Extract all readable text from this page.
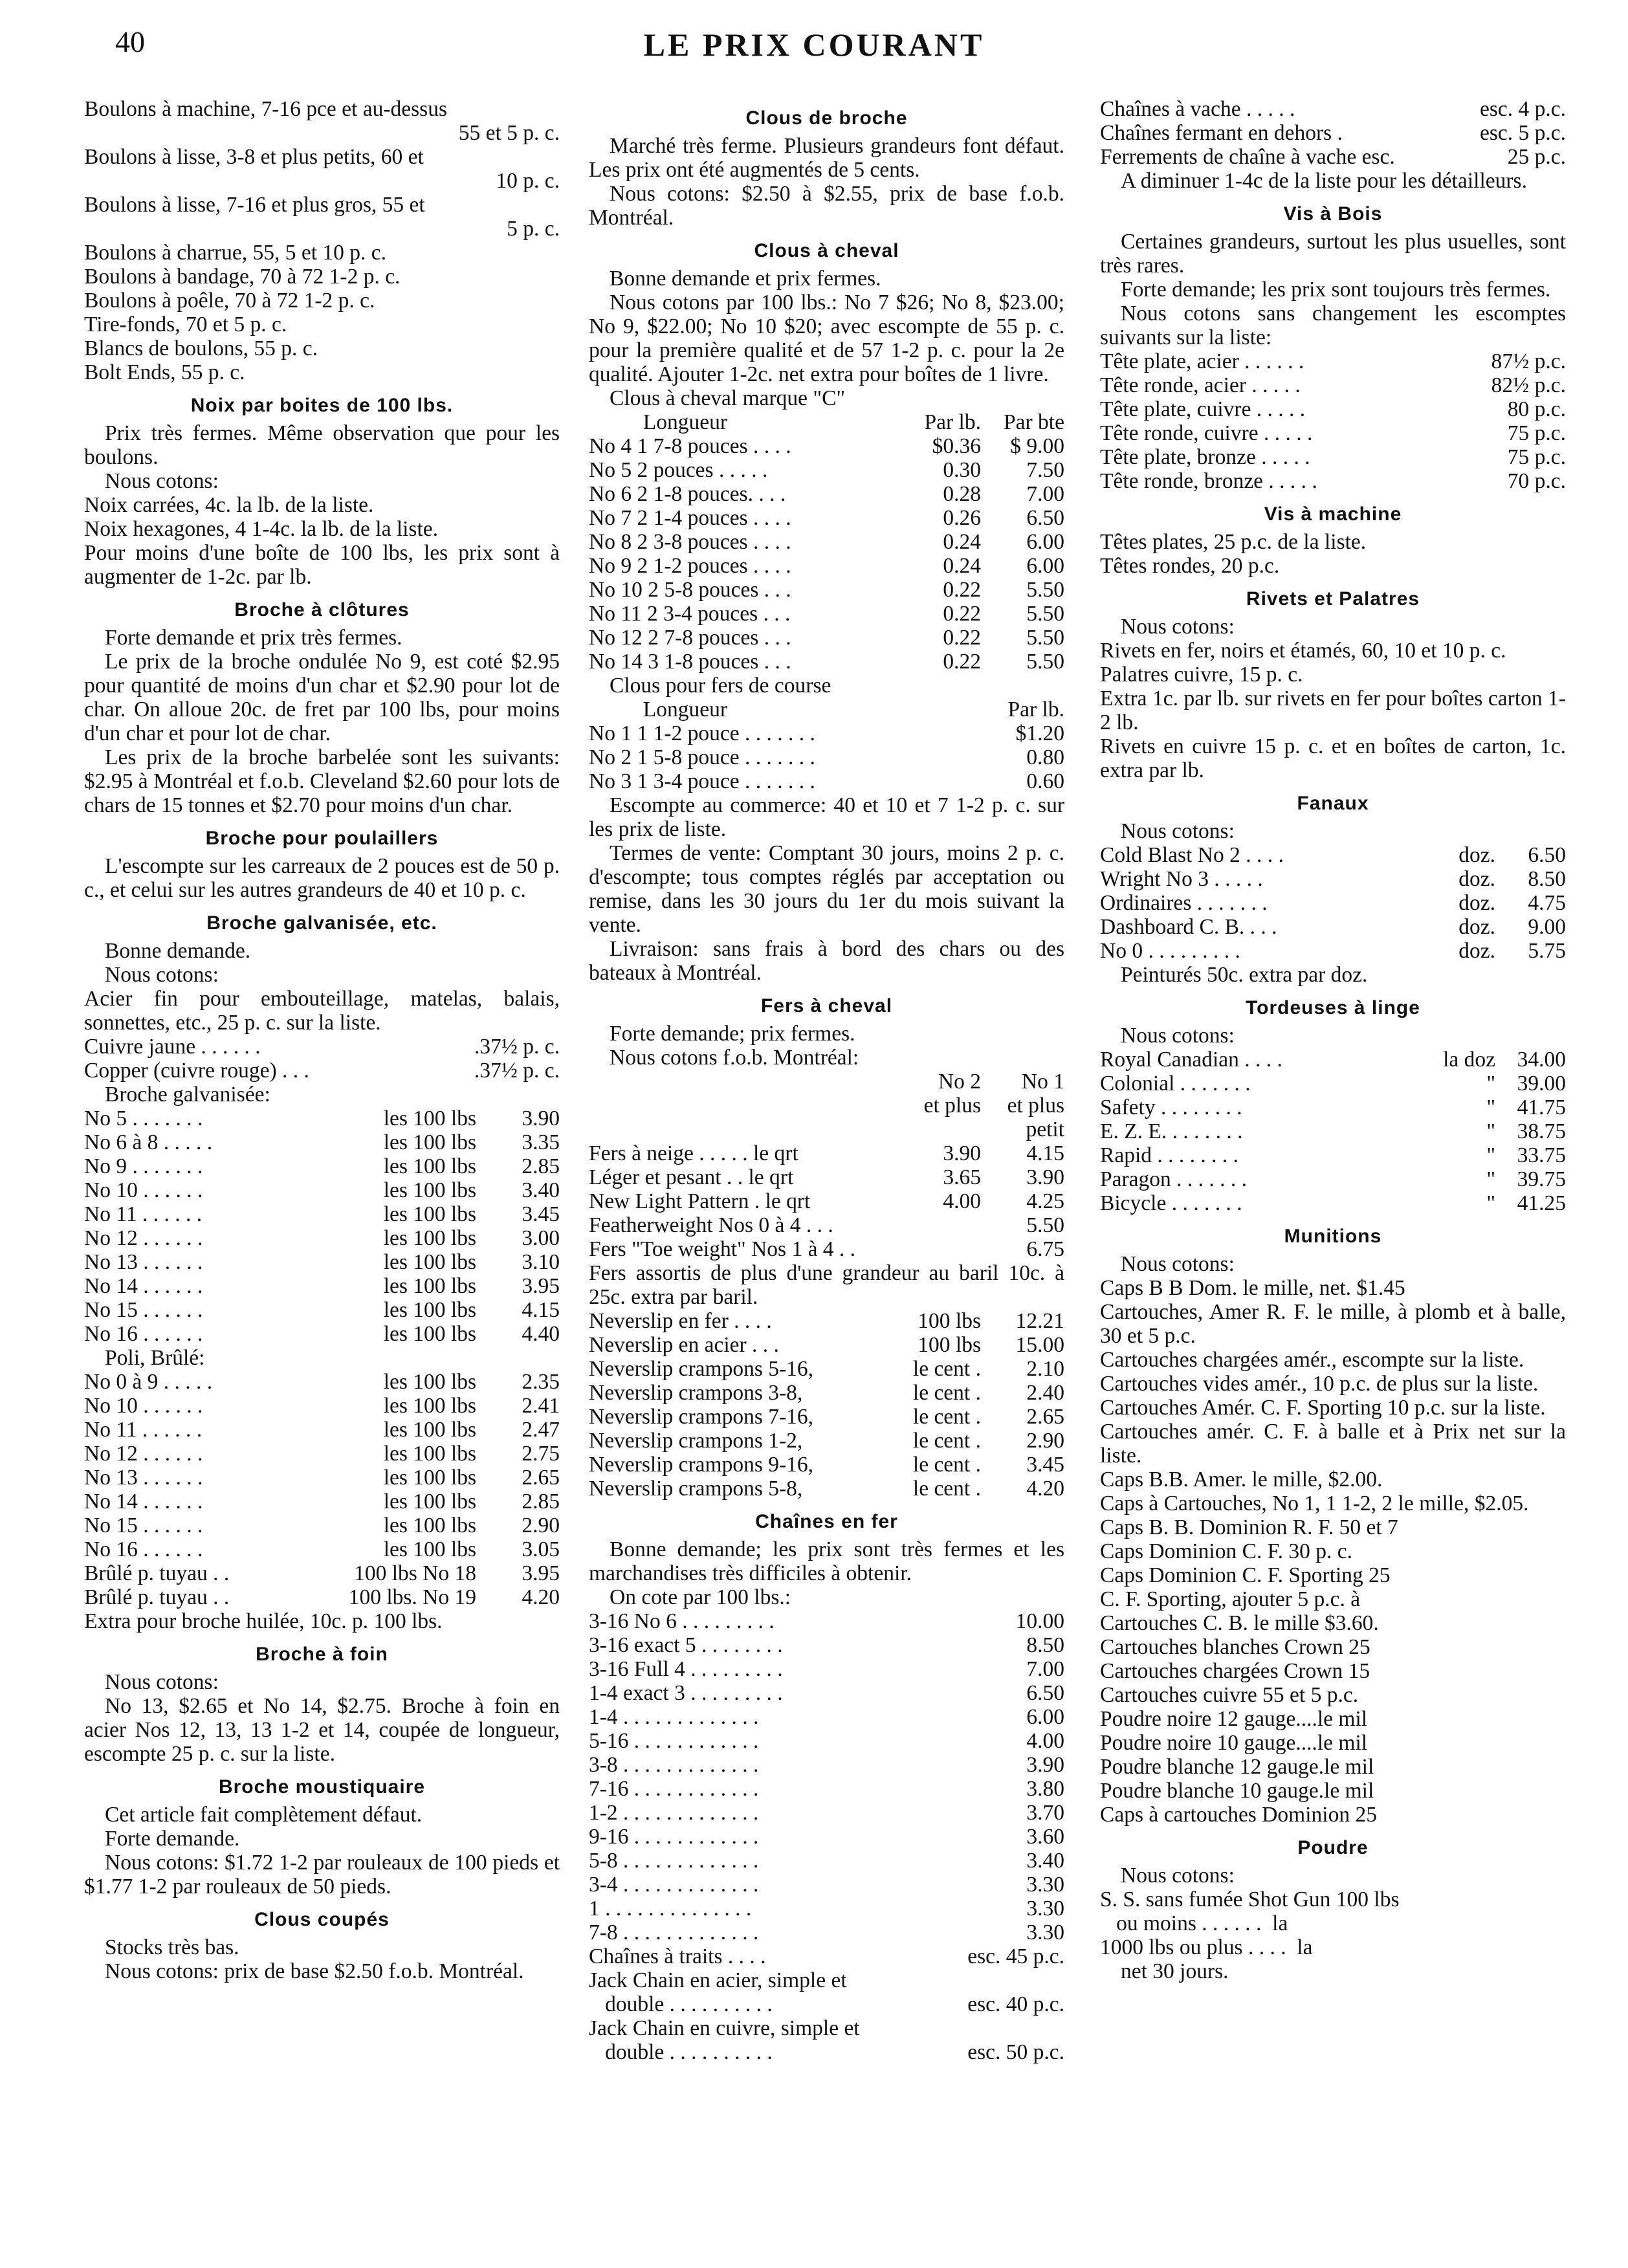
40	LE PRIX COURANT
Boulons à machine, 7-16 pce et au-dessus
55 et 5 p. c.
Boulons à lisse, 3-8 et plus petits, 60 et
10 p. c.
Boulons à lisse, 7-16 et plus gros, 55 et
5 p. c.
Boulons à charrue, 55, 5 et 10 p. c.
Boulons à bandage, 70 à 72 1-2 p. c.
Boulons à poêle, 70 à 72 1-2 p. c.
Tire-fonds, 70 et 5 p. c.
Blancs de boulons, 55 p. c.
Bolt Ends, 55 p. c.
Noix par boites de 100 lbs.

Prix très fermes. Même observation que pour les boulons.

Nous cotons:
Noix carrées, 4c. la lb. de la liste.
Noix hexagones, 4 1-4c. la lb. de la liste.

Pour moins d'une boîte de 100 lbs, les prix sont à augmenter de 1-2c. par lb.

Broche à clôtures

Forte demande et prix très fermes.

Le prix de la broche ondulée No 9, est coté $2.95 pour quantité de moins d'un char et $2.90 pour lot de char. On alloue 20c. de fret par 100 lbs, pour moins d'un char et pour lot de char.

Les prix de la broche barbelée sont les suivants: $2.95 à Montréal et f.o.b. Cleveland $2.60 pour lots de chars de 15 tonnes et $2.70 pour moins d'un char.

Broche pour poulaillers

L'escompte sur les carreaux de 2 pouces est de 50 p. c., et celui sur les autres grandeurs de 40 et 10 p. c.

Broche galvanisée, etc.
Bonne demande.
Nous cotons:

Acier fin pour embouteillage, matelas, balais, sonnettes, etc., 25 p. c. sur la liste.

Cuivre jaune . . . . . .	.37½ p. c.
Copper (cuivre rouge) . . .	.37½ p. c.
Broche galvanisée:
No 5 . . . . . . .	les 100 lbs	3.90
No 6 à 8 . . . . .	les 100 lbs	3.35
No 9 . . . . . . .	les 100 lbs	2.85
No 10 . . . . . .	les 100 lbs	3.40
No 11 . . . . . .	les 100 lbs	3.45
No 12 . . . . . .	les 100 lbs	3.00
No 13 . . . . . .	les 100 lbs	3.10
No 14 . . . . . .	les 100 lbs	3.95
No 15 . . . . . .	les 100 lbs	4.15
No 16 . . . . . .	les 100 lbs	4.40
Poli, Brûlé:
No 0 à 9 . . . . .	les 100 lbs	2.35
No 10 . . . . . .	les 100 lbs	2.41
No 11 . . . . . .	les 100 lbs	2.47
No 12 . . . . . .	les 100 lbs	2.75
No 13 . . . . . .	les 100 lbs	2.65
No 14 . . . . . .	les 100 lbs	2.85
No 15 . . . . . .	les 100 lbs	2.90
No 16 . . . . . .	les 100 lbs	3.05
Brûlé p. tuyau . .	100 lbs No 18	3.95
Brûlé p. tuyau . .	100 lbs. No 19	4.20
Extra pour broche huilée, 10c. p. 100 lbs.
Broche à foin
Nous cotons:

No 13, $2.65 et No 14, $2.75. Broche à foin en acier Nos 12, 13, 13 1-2 et 14, coupée de longueur, escompte 25 p. c. sur la liste.

Broche moustiquaire
Cet article fait complètement défaut.
Forte demande.

Nous cotons: $1.72 1-2 par rouleaux de 100 pieds et $1.77 1-2 par rouleaux de 50 pieds.

Clous coupés
Stocks très bas.

Nous cotons: prix de base $2.50 f.o.b. Montréal.

Clous de broche

Marché très ferme. Plusieurs grandeurs font défaut. Les prix ont été augmentés de 5 cents.

Nous cotons: $2.50 à $2.55, prix de base f.o.b. Montréal.

Clous à cheval

Bonne demande et prix fermes.

Nous cotons par 100 lbs.: No 7 $26; No 8, $23.00; No 9, $22.00; No 10 $20; avec escompte de 55 p. c. pour la première qualité et de 57 1-2 p. c. pour la 2e qualité. Ajouter 1-2c. net extra pour boîtes de 1 livre.

Clous à cheval marque "C"
Longueur	Par lb.	Par bte
No 4 1 7-8 pouces . . . .	$0.36	$ 9.00
No 5 2 pouces . . . . .	0.30	7.50
No 6 2 1-8 pouces. . . .	0.28	7.00
No 7 2 1-4 pouces . . . .	0.26	6.50
No 8 2 3-8 pouces . . . .	0.24	6.00
No 9 2 1-2 pouces . . . .	0.24	6.00
No 10 2 5-8 pouces . . .	0.22	5.50
No 11 2 3-4 pouces . . .	0.22	5.50
No 12 2 7-8 pouces . . .	0.22	5.50
No 14 3 1-8 pouces . . .	0.22	5.50
Clous pour fers de course
Longueur	Par lb.
No 1 1 1-2 pouce . . . . . . .	$1.20
No 2 1 5-8 pouce . . . . . . .	0.80
No 3 1 3-4 pouce . . . . . . .	0.60

Escompte au commerce: 40 et 10 et 7 1-2 p. c. sur les prix de liste.

Termes de vente: Comptant 30 jours, moins 2 p. c. d'escompte; tous comptes réglés par acceptation ou remise, dans les 30 jours du 1er du mois suivant la vente.

Livraison: sans frais à bord des chars ou des bateaux à Montréal.

Fers à cheval
Forte demande; prix fermes.
Nous cotons f.o.b. Montréal:
No 2	No 1
et plus	et plus
petit
Fers à neige . . . . . le qrt	3.90	4.15
Léger et pesant . . le qrt	3.65	3.90
New Light Pattern . le qrt	4.00	4.25
Featherweight Nos 0 à 4 . . .	5.50
Fers "Toe weight" Nos 1 à 4 . .	6.75

Fers assortis de plus d'une grandeur au baril 10c. à 25c. extra par baril.

Neverslip en fer . . . .	100 lbs	12.21
Neverslip en acier . . .	100 lbs	15.00
Neverslip crampons 5-16,	le cent .	2.10
Neverslip crampons 3-8,	le cent .	2.40
Neverslip crampons 7-16,	le cent .	2.65
Neverslip crampons 1-2,	le cent .	2.90
Neverslip crampons 9-16,	le cent .	3.45
Neverslip crampons 5-8,	le cent .	4.20
Chaînes en fer

Bonne demande; les prix sont très fermes et les marchandises très difficiles à obtenir.

On cote par 100 lbs.:
3-16 No 6 . . . . . . . . .	10.00
3-16 exact 5 . . . . . . . .	8.50
3-16 Full 4 . . . . . . . . .	7.00
1-4 exact 3 . . . . . . . . .	6.50
1-4 . . . . . . . . . . . . .	6.00
5-16 . . . . . . . . . . . .	4.00
3-8 . . . . . . . . . . . . .	3.90
7-16 . . . . . . . . . . . .	3.80
1-2 . . . . . . . . . . . . .	3.70
9-16 . . . . . . . . . . . .	3.60
5-8 . . . . . . . . . . . . .	3.40
3-4 . . . . . . . . . . . . .	3.30
1 . . . . . . . . . . . . . .	3.30
7-8 . . . . . . . . . . . . .	3.30
Chaînes à traits . . . .	esc. 45 p.c.
Jack Chain en acier, simple et
double . . . . . . . . . .	esc. 40 p.c.
Jack Chain en cuivre, simple et
double . . . . . . . . . .	esc. 50 p.c.
Chaînes à vache . . . . .	esc. 4 p.c.
Chaînes fermant en dehors .	esc. 5 p.c.
Ferrements de chaîne à vache esc.	25 p.c.

A diminuer 1-4c de la liste pour les détailleurs.

Vis à Bois

Certaines grandeurs, surtout les plus usuelles, sont très rares.

Forte demande; les prix sont toujours très fermes.

Nous cotons sans changement les escomptes suivants sur la liste:

Tête plate, acier . . . . . .	87½ p.c.
Tête ronde, acier . . . . .	82½ p.c.
Tête plate, cuivre . . . . .	80 p.c.
Tête ronde, cuivre . . . . .	75 p.c.
Tête plate, bronze . . . . .	75 p.c.
Tête ronde, bronze . . . . .	70 p.c.
Vis à machine
Têtes plates, 25 p.c. de la liste.
Têtes rondes, 20 p.c.
Rivets et Palatres
Nous cotons:

Rivets en fer, noirs et étamés, 60, 10 et 10 p. c.

Palatres cuivre, 15 p. c.

Extra 1c. par lb. sur rivets en fer pour boîtes carton 1-2 lb.

Rivets en cuivre 15 p. c. et en boîtes de carton, 1c. extra par lb.

Fanaux
Nous cotons:
Cold Blast No 2 . . . .	doz.	6.50
Wright No 3 . . . . .	doz.	8.50
Ordinaires . . . . . . .	doz.	4.75
Dashboard C. B. . . .	doz.	9.00
No 0 . . . . . . . . .	doz.	5.75
Peinturés 50c. extra par doz.
Tordeuses à linge
Nous cotons:
Royal Canadian . . . .	la doz	34.00
Colonial . . . . . . .	"	39.00
Safety . . . . . . . .	"	41.75
E. Z. E. . . . . . . .	"	38.75
Rapid . . . . . . . .	"	33.75
Paragon . . . . . . .	"	39.75
Bicycle . . . . . . .	"	41.25
Munitions
Nous cotons:
Caps B B Dom. le mille, net. $1.45

Cartouches, Amer R. F. le mille, à plomb et à balle, 30 et 5 p.c.

Cartouches chargées amér., escompte sur la liste.

Cartouches vides amér., 10 p.c. de plus sur la liste.

Cartouches Amér. C. F. Sporting 10 p.c. sur la liste.

Cartouches amér. C. F. à balle et à Prix net sur la liste.

Caps B.B. Amer. le mille, $2.00.

Caps à Cartouches, No 1, 1 1-2, 2 le mille, $2.05.

Caps B. B. Dominion R. F. 50 et 7
Caps Dominion C. F. 30 p. c.
Caps Dominion C. F. Sporting 25
C. F. Sporting, ajouter 5 p.c. à
Cartouches C. B. le mille $3.60.
Cartouches blanches Crown 25
Cartouches chargées Crown 15
Cartouches cuivre 55 et 5 p.c.
Poudre noire 12 gauge....le mil
Poudre noire 10 gauge....le mil
Poudre blanche 12 gauge.le mil
Poudre blanche 10 gauge.le mil
Caps à cartouches Dominion 25
Poudre
Nous cotons:
S. S. sans fumée Shot Gun 100 lbs
ou moins . . . . . .  la
1000 lbs ou plus . . . .  la
net 30 jours.
